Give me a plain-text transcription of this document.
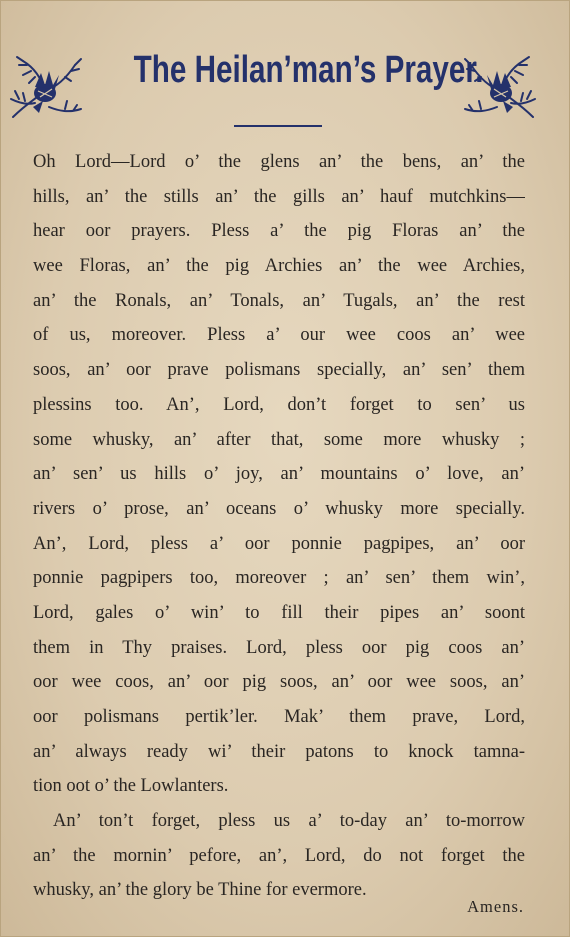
The Heilan’man’s Prayer.
Oh Lord—Lord o’ the glens an’ the bens, an’ the
hills, an’ the stills an’ the gills an’ hauf mutchkins—
hear oor prayers. Pless a’ the pig Floras an’ the
wee Floras, an’ the pig Archies an’ the wee Archies,
an’ the Ronals, an’ Tonals, an’ Tugals, an’ the rest
of us, moreover. Pless a’ our wee coos an’ wee
soos, an’ oor prave polismans specially, an’ sen’ them
plessins too. An’, Lord, don’t forget to sen’ us
some whusky, an’ after that, some more whusky ;
an’ sen’ us hills o’ joy, an’ mountains o’ love, an’
rivers o’ prose, an’ oceans o’ whusky more specially.
An’, Lord, pless a’ oor ponnie pagpipes, an’ oor
ponnie pagpipers too, moreover ; an’ sen’ them win’,
Lord, gales o’ win’ to fill their pipes an’ soont
them in Thy praises. Lord, pless oor pig coos an’
oor wee coos, an’ oor pig soos, an’ oor wee soos, an’
oor polismans pertik’ler. Mak’ them prave, Lord,
an’ always ready wi’ their patons to knock tamna-
tion oot o’ the Lowlanters.
An’ ton’t forget, pless us a’ to-day an’ to-morrow
an’ the mornin’ pefore, an’, Lord, do not forget the
whusky, an’ the glory be Thine for evermore.
Amens.
